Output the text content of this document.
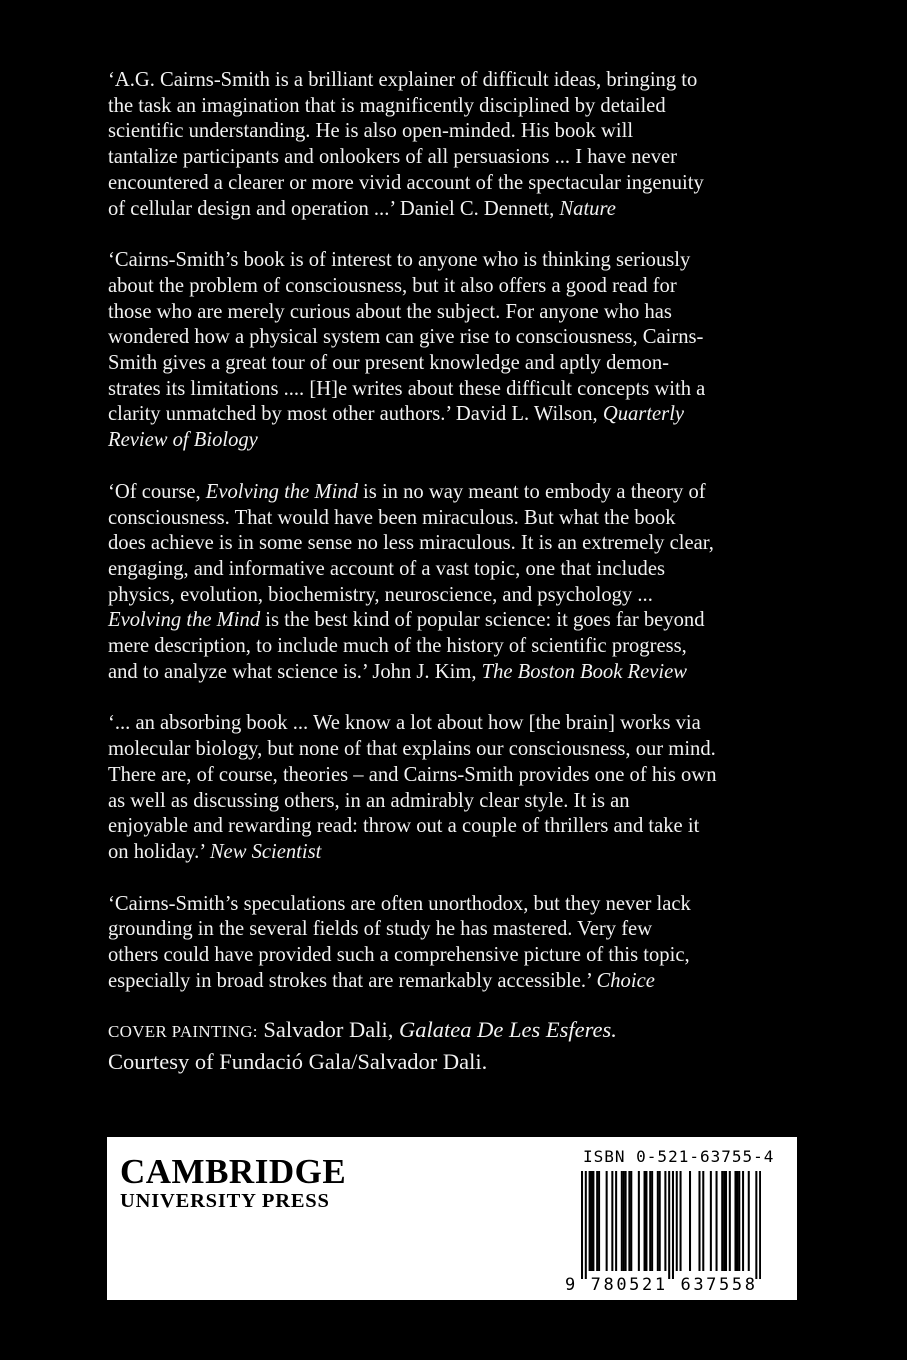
‘A.G. Cairns-Smith is a brilliant explainer of difficult ideas, bringing to
the task an imagination that is magnificently disciplined by detailed
scientific understanding. He is also open-minded. His book will
tantalize participants and onlookers of all persuasions ... I have never
encountered a clearer or more vivid account of the spectacular ingenuity
of cellular design and operation ...’ Daniel C. Dennett, Nature
‘Cairns-Smith’s book is of interest to anyone who is thinking seriously
about the problem of consciousness, but it also offers a good read for
those who are merely curious about the subject. For anyone who has
wondered how a physical system can give rise to consciousness, Cairns-
Smith gives a great tour of our present knowledge and aptly demon-
strates its limitations .... [H]e writes about these difficult concepts with a
clarity unmatched by most other authors.’ David L. Wilson, Quarterly
Review of Biology
‘Of course, Evolving the Mind is in no way meant to embody a theory of
consciousness. That would have been miraculous. But what the book
does achieve is in some sense no less miraculous. It is an extremely clear,
engaging, and informative account of a vast topic, one that includes
physics, evolution, biochemistry, neuroscience, and psychology ...
Evolving the Mind is the best kind of popular science: it goes far beyond
mere description, to include much of the history of scientific progress,
and to analyze what science is.’ John J. Kim, The Boston Book Review
‘... an absorbing book ... We know a lot about how [the brain] works via
molecular biology, but none of that explains our consciousness, our mind.
There are, of course, theories – and Cairns-Smith provides one of his own
as well as discussing others, in an admirably clear style. It is an
enjoyable and rewarding read: throw out a couple of thrillers and take it
on holiday.’ New Scientist
‘Cairns-Smith’s speculations are often unorthodox, but they never lack
grounding in the several fields of study he has mastered. Very few
others could have provided such a comprehensive picture of this topic,
especially in broad strokes that are remarkably accessible.’ Choice
COVER PAINTING: Salvador Dali, Galatea De Les Esferes.
Courtesy of Fundació Gala/Salvador Dali.
CAMBRIDGE
UNIVERSITY PRESS
ISBN 0-521-63755-4
9 780521 637558
